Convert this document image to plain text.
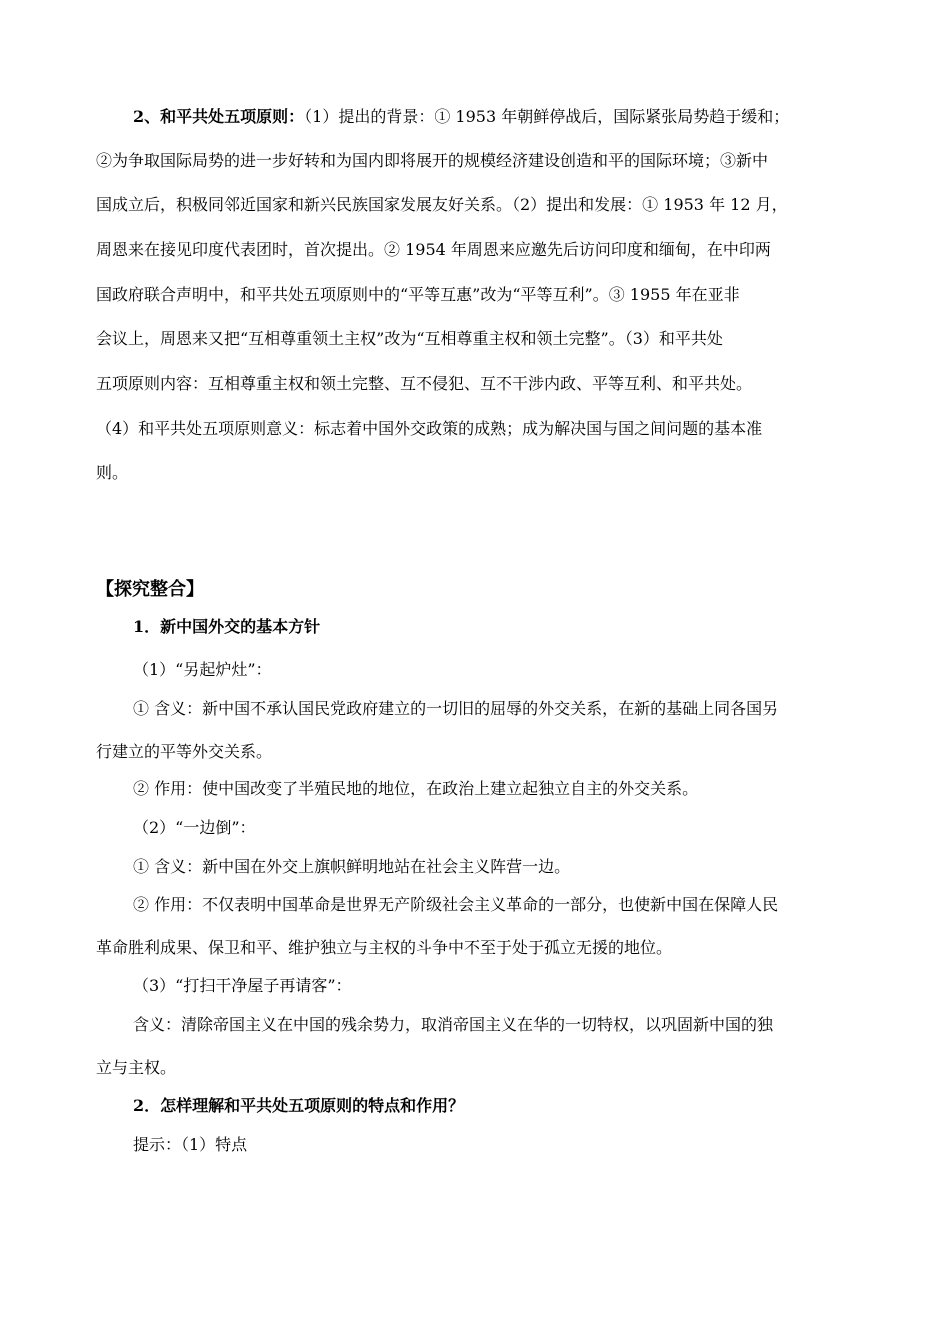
2、和平共处五项原则：（1）提出的背景：① 1953 年朝鲜停战后，国际紧张局势趋于缓和；
②为争取国际局势的进一步好转和为国内即将展开的规模经济建设创造和平的国际环境；③新中
国成立后，积极同邻近国家和新兴民族国家发展友好关系。（2）提出和发展：① 1953 年 12 月，
周恩来在接见印度代表团时，首次提出。② 1954 年周恩来应邀先后访问印度和缅甸，在中印两
国政府联合声明中，和平共处五项原则中的“平等互惠”改为“平等互利”。③ 1955 年在亚非
会议上，周恩来又把“互相尊重领土主权”改为“互相尊重主权和领土完整”。（3）和平共处
五项原则内容：互相尊重主权和领土完整、互不侵犯、互不干涉内政、平等互利、和平共处。
（4）和平共处五项原则意义：标志着中国外交政策的成熟；成为解决国与国之间问题的基本准
则。
【探究整合】
1．新中国外交的基本方针
（1）“另起炉灶”：
① 含义：新中国不承认国民党政府建立的一切旧的屈辱的外交关系，在新的基础上同各国另
行建立的平等外交关系。
② 作用：使中国改变了半殖民地的地位，在政治上建立起独立自主的外交关系。
（2）“一边倒”：
① 含义：新中国在外交上旗帜鲜明地站在社会主义阵营一边。
② 作用：不仅表明中国革命是世界无产阶级社会主义革命的一部分，也使新中国在保障人民
革命胜利成果、保卫和平、维护独立与主权的斗争中不至于处于孤立无援的地位。
（3）“打扫干净屋子再请客”：
含义：清除帝国主义在中国的残余势力，取消帝国主义在华的一切特权，以巩固新中国的独
立与主权。
2．怎样理解和平共处五项原则的特点和作用？
提示：（1）特点
